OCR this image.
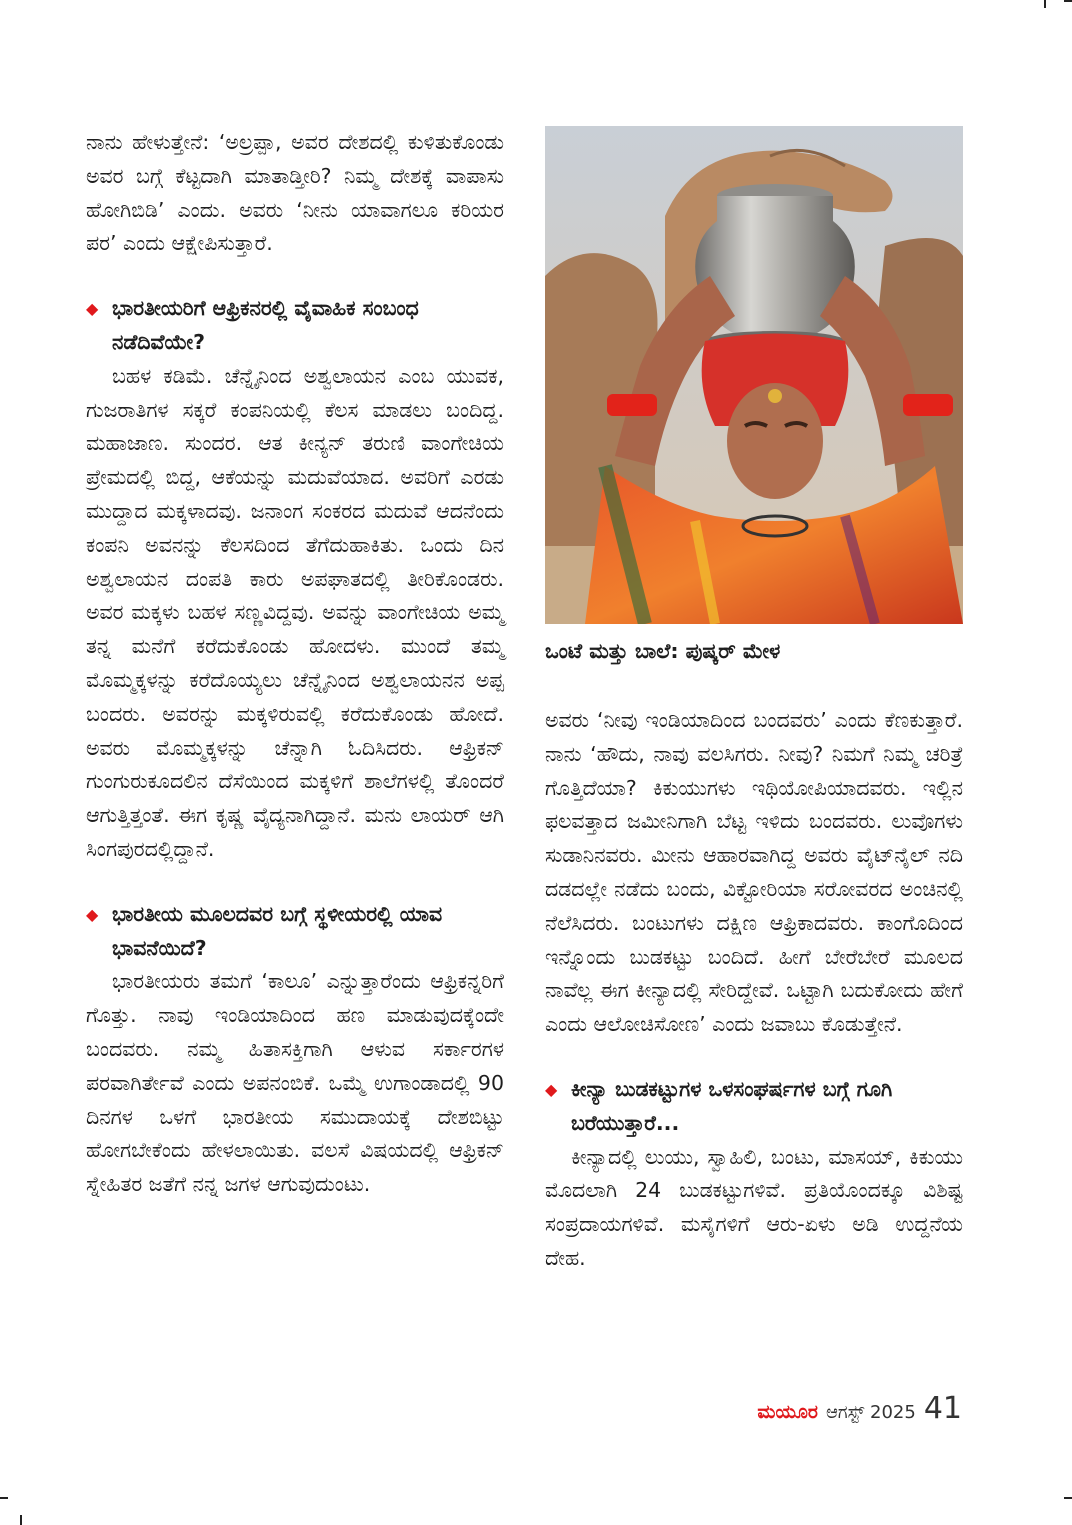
ನಾನು ಹೇಳುತ್ತೇನೆ: ‘ಅಲ್ರಪ್ಪಾ, ಅವರ ದೇಶದಲ್ಲಿ ಕುಳಿತುಕೊಂಡು ಅವರ ಬಗ್ಗೆ ಕೆಟ್ಟದಾಗಿ ಮಾತಾಡ್ತೀರಿ? ನಿಮ್ಮ ದೇಶಕ್ಕೆ ವಾಪಾಸು ಹೋಗಿಬಿಡಿ’ ಎಂದು. ಅವರು ‘ನೀನು ಯಾವಾಗಲೂ ಕರಿಯರ ಪರ’ ಎಂದು ಆಕ್ಷೇಪಿಸುತ್ತಾರೆ.

◆ ಭಾರತೀಯರಿಗೆ ಆಫ್ರಿಕನರಲ್ಲಿ ವೈವಾಹಿಕ ಸಂಬಂಧ ನಡೆದಿವೆಯೇ?

ಬಹಳ ಕಡಿಮೆ. ಚೆನ್ನೈನಿಂದ ಅಶ್ವಲಾಯನ ಎಂಬ ಯುವಕ, ಗುಜರಾತಿಗಳ ಸಕ್ಕರೆ ಕಂಪನಿಯಲ್ಲಿ ಕೆಲಸ ಮಾಡಲು ಬಂದಿದ್ದ. ಮಹಾಜಾಣ. ಸುಂದರ. ಆತ ಕೀನ್ಯನ್ ತರುಣಿ ವಾಂಗೇಚಿಯ ಪ್ರೇಮದಲ್ಲಿ ಬಿದ್ದ, ಆಕೆಯನ್ನು ಮದುವೆಯಾದ. ಅವರಿಗೆ ಎರಡು ಮುದ್ದಾದ ಮಕ್ಕಳಾದವು. ಜನಾಂಗ ಸಂಕರದ ಮದುವೆ ಆದನೆಂದು ಕಂಪನಿ ಅವನನ್ನು ಕೆಲಸದಿಂದ ತೆಗೆದುಹಾಕಿತು. ಒಂದು ದಿನ ಅಶ್ವಲಾಯನ ದಂಪತಿ ಕಾರು ಅಪಘಾತದಲ್ಲಿ ತೀರಿಕೊಂಡರು. ಅವರ ಮಕ್ಕಳು ಬಹಳ ಸಣ್ಣವಿದ್ದವು. ಅವನ್ನು ವಾಂಗೇಚಿಯ ಅಮ್ಮ ತನ್ನ ಮನೆಗೆ ಕರೆದುಕೊಂಡು ಹೋದಳು. ಮುಂದೆ ತಮ್ಮ ಮೊಮ್ಮಕ್ಕಳನ್ನು ಕರೆದೊಯ್ಯಲು ಚೆನ್ನೈನಿಂದ ಅಶ್ವಲಾಯನನ ಅಪ್ಪ ಬಂದರು. ಅವರನ್ನು ಮಕ್ಕಳಿರುವಲ್ಲಿ ಕರೆದುಕೊಂಡು ಹೋದೆ. ಅವರು ಮೊಮ್ಮಕ್ಕಳನ್ನು ಚೆನ್ನಾಗಿ ಓದಿಸಿದರು. ಆಫ್ರಿಕನ್ ಗುಂಗುರುಕೂದಲಿನ ದೆಸೆಯಿಂದ ಮಕ್ಕಳಿಗೆ ಶಾಲೆಗಳಲ್ಲಿ ತೊಂದರೆ ಆಗುತ್ತಿತ್ತಂತೆ. ಈಗ ಕೃಷ್ಣ ವೈದ್ಯನಾಗಿದ್ದಾನೆ. ಮನು ಲಾಯರ್ ಆಗಿ ಸಿಂಗಪುರದಲ್ಲಿದ್ದಾನೆ.

◆ ಭಾರತೀಯ ಮೂಲದವರ ಬಗ್ಗೆ ಸ್ಥಳೀಯರಲ್ಲಿ ಯಾವ ಭಾವನೆಯಿದೆ?

ಭಾರತೀಯರು ತಮಗೆ ‘ಕಾಲೂ’ ಎನ್ನುತ್ತಾರೆಂದು ಆಫ್ರಿಕನ್ನರಿಗೆ ಗೊತ್ತು. ನಾವು ಇಂಡಿಯಾದಿಂದ ಹಣ ಮಾಡುವುದಕ್ಕೆಂದೇ ಬಂದವರು. ನಮ್ಮ ಹಿತಾಸಕ್ತಿಗಾಗಿ ಆಳುವ ಸರ್ಕಾರಗಳ ಪರವಾಗಿರ್ತೇವೆ ಎಂದು ಅಪನಂಬಿಕೆ. ಒಮ್ಮೆ ಉಗಾಂಡಾದಲ್ಲಿ 90 ದಿನಗಳ ಒಳಗೆ ಭಾರತೀಯ ಸಮುದಾಯಕ್ಕೆ ದೇಶಬಿಟ್ಟು ಹೋಗಬೇಕೆಂದು ಹೇಳಲಾಯಿತು. ವಲಸೆ ವಿಷಯದಲ್ಲಿ ಆಫ್ರಿಕನ್ ಸ್ನೇಹಿತರ ಜತೆಗೆ ನನ್ನ ಜಗಳ ಆಗುವುದುಂಟು.

ಒಂಟೆ ಮತ್ತು ಬಾಲೆ: ಪುಷ್ಕರ್ ಮೇಳ

ಅವರು ‘ನೀವು ಇಂಡಿಯಾದಿಂದ ಬಂದವರು’ ಎಂದು ಕೆಣಕುತ್ತಾರೆ. ನಾನು ‘ಹೌದು, ನಾವು ವಲಸಿಗರು. ನೀವು? ನಿಮಗೆ ನಿಮ್ಮ ಚರಿತ್ರೆ ಗೊತ್ತಿದೆಯಾ? ಕಿಕುಯುಗಳು ಇಥಿಯೋಪಿಯಾದವರು. ಇಲ್ಲಿನ ಫಲವತ್ತಾದ ಜಮೀನಿಗಾಗಿ ಬೆಟ್ಟ ಇಳಿದು ಬಂದವರು. ಲುವೊಗಳು ಸುಡಾನಿನವರು. ಮೀನು ಆಹಾರವಾಗಿದ್ದ ಅವರು ವೈಟ್‌ನೈಲ್ ನದಿ ದಡದಲ್ಲೇ ನಡೆದು ಬಂದು, ವಿಕ್ಟೋರಿಯಾ ಸರೋವರದ ಅಂಚಿನಲ್ಲಿ ನೆಲೆಸಿದರು. ಬಂಟುಗಳು ದಕ್ಷಿಣ ಆಫ್ರಿಕಾದವರು. ಕಾಂಗೊದಿಂದ ಇನ್ನೊಂದು ಬುಡಕಟ್ಟು ಬಂದಿದೆ. ಹೀಗೆ ಬೇರೆಬೇರೆ ಮೂಲದ ನಾವೆಲ್ಲ ಈಗ ಕೀನ್ಯಾದಲ್ಲಿ ಸೇರಿದ್ದೇವೆ. ಒಟ್ಟಾಗಿ ಬದುಕೋದು ಹೇಗೆ ಎಂದು ಆಲೋಚಿಸೋಣ’ ಎಂದು ಜವಾಬು ಕೊಡುತ್ತೇನೆ.

◆ ಕೀನ್ಯಾ ಬುಡಕಟ್ಟುಗಳ ಒಳಸಂಘರ್ಷಗಳ ಬಗ್ಗೆ ಗೂಗಿ ಬರೆಯುತ್ತಾರೆ...

ಕೀನ್ಯಾದಲ್ಲಿ ಲುಯು, ಸ್ವಾಹಿಲಿ, ಬಂಟು, ಮಾಸಯ್, ಕಿಕುಯು ಮೊದಲಾಗಿ 24 ಬುಡಕಟ್ಟುಗಳಿವೆ. ಪ್ರತಿಯೊಂದಕ್ಕೂ ವಿಶಿಷ್ಟ ಸಂಪ್ರದಾಯಗಳಿವೆ. ಮಸೈಗಳಿಗೆ ಆರು-ಏಳು ಅಡಿ ಉದ್ದನೆಯ ದೇಹ.

ಮಯೂರ ಆಗಸ್ಟ್ 2025 41
